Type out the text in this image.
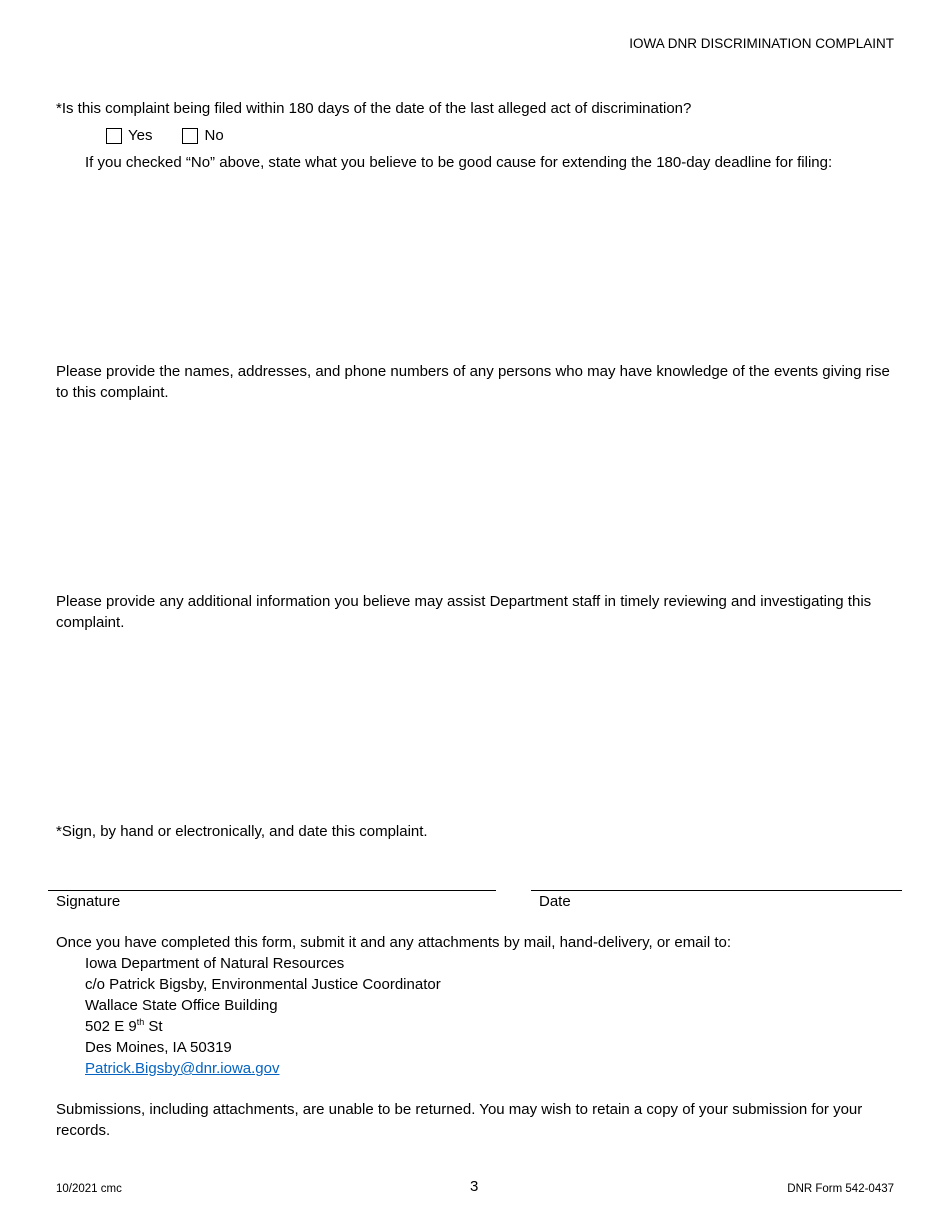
IOWA DNR DISCRIMINATION COMPLAINT

*Is this complaint being filed within 180 days of the date of the last alleged act of discrimination?

Yes	No

If you checked “No” above, state what you believe to be good cause for extending the 180-day deadline for filing:

Please provide the names, addresses, and phone numbers of any persons who may have knowledge of the events giving rise to this complaint.

Please provide any additional information you believe may assist Department staff in timely reviewing and investigating this complaint.

*Sign, by hand or electronically, and date this complaint.

Signature	Date

Once you have completed this form, submit it and any attachments by mail, hand-delivery, or email to:

Iowa Department of Natural Resources
c/o Patrick Bigsby, Environmental Justice Coordinator
Wallace State Office Building
502 E 9th St
Des Moines, IA 50319
Patrick.Bigsby@dnr.iowa.gov

Submissions, including attachments, are unable to be returned. You may wish to retain a copy of your submission for your records.

10/2021 cmc	3	DNR Form 542-0437
